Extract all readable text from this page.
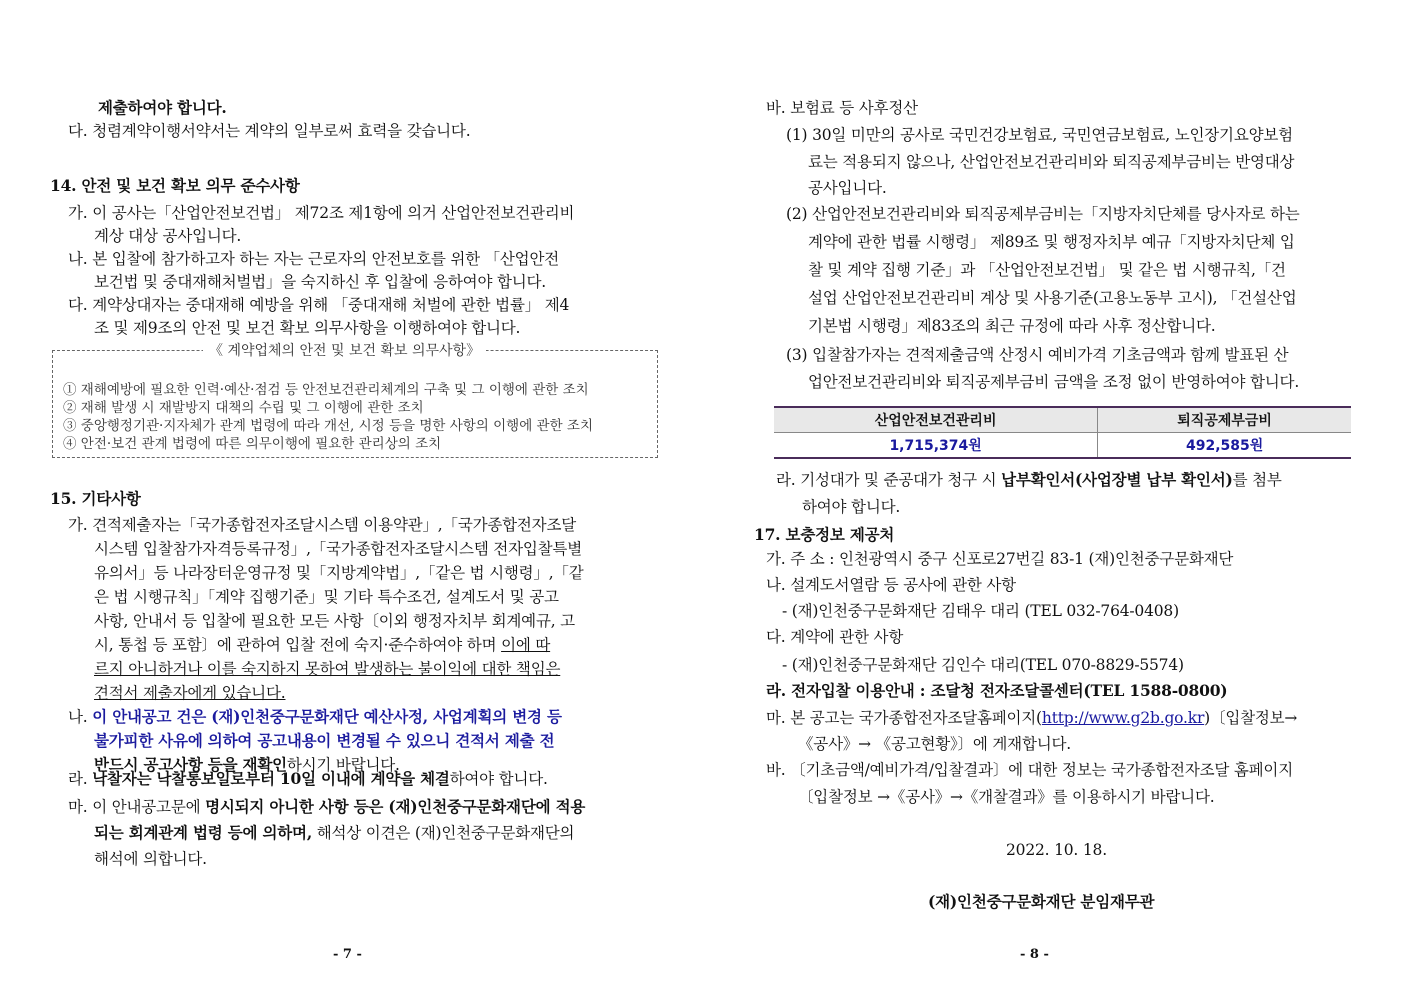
제출하여야 합니다.
다. 청렴계약이행서약서는 계약의 일부로써 효력을 갖습니다.
14. 안전 및 보건 확보 의무 준수사항
가. 이 공사는「산업안전보건법」 제72조 제1항에 의거 산업안전보건관리비
계상 대상 공사입니다.
나. 본 입찰에 참가하고자 하는 자는 근로자의 안전보호를 위한 「산업안전
보건법 및 중대재해처벌법」을 숙지하신 후 입찰에 응하여야 합니다.
다. 계약상대자는 중대재해 예방을 위해 「중대재해 처벌에 관한 법률」 제4
조 및 제9조의 안전 및 보건 확보 의무사항을 이행하여야 합니다.
《 계약업체의 안전 및 보건 확보 의무사항》
① 재해예방에 필요한 인력·예산·점검 등 안전보건관리체계의 구축 및 그 이행에 관한 조치
② 재해 발생 시 재발방지 대책의 수립 및 그 이행에 관한 조치
③ 중앙행정기관·지자체가 관계 법령에 따라 개선, 시정 등을 명한 사항의 이행에 관한 조치
④ 안전·보건 관계 법령에 따른 의무이행에 필요한 관리상의 조치
15. 기타사항
가. 견적제출자는「국가종합전자조달시스템 이용약관」,「국가종합전자조달
시스템 입찰참가자격등록규정」,「국가종합전자조달시스템 전자입찰특별
유의서」등 나라장터운영규정 및「지방계약법」,「같은 법 시행령」,「같
은 법 시행규칙」「계약 집행기준」및 기타 특수조건, 설계도서 및 공고
사항, 안내서 등 입찰에 필요한 모든 사항〔이외 행정자치부 회계예규, 고
시, 통첩 등 포함〕에 관하여 입찰 전에 숙지·준수하여야 하며 이에 따
르지 아니하거나 이를 숙지하지 못하여 발생하는 불이익에 대한 책임은
견적서 제출자에게 있습니다.
나. 이 안내공고 건은 (재)인천중구문화재단 예산사정, 사업계획의 변경 등
불가피한 사유에 의하여 공고내용이 변경될 수 있으니 견적서 제출 전
반드시 공고사항 등을 재확인하시기 바랍니다.
라. 낙찰자는 낙찰통보일로부터 10일 이내에 계약을 체결하여야 합니다.
마. 이 안내공고문에 명시되지 아니한 사항 등은 (재)인천중구문화재단에 적용
되는 회계관계 법령 등에 의하며, 해석상 이견은 (재)인천중구문화재단의
해석에 의합니다.
- 7 -
바. 보험료 등 사후정산
(1) 30일 미만의 공사로 국민건강보험료, 국민연금보험료, 노인장기요양보험
료는 적용되지 않으나, 산업안전보건관리비와 퇴직공제부금비는 반영대상
공사입니다.
(2) 산업안전보건관리비와 퇴직공제부금비는「지방자치단체를 당사자로 하는
계약에 관한 법률 시행령」 제89조 및 행정자치부 예규「지방자치단체 입
찰 및 계약 집행 기준」과 「산업안전보건법」 및 같은 법 시행규칙,「건
설업 산업안전보건관리비 계상 및 사용기준(고용노동부 고시), 「건설산업
기본법 시행령」제83조의 최근 규정에 따라 사후 정산합니다.
(3) 입찰참가자는 견적제출금액 산정시 예비가격 기초금액과 함께 발표된 산
업안전보건관리비와 퇴직공제부금비 금액을 조정 없이 반영하여야 합니다.
산업안전보건관리비	퇴직공제부금비
1,715,374원	492,585원
라. 기성대가 및 준공대가 청구 시 납부확인서(사업장별 납부 확인서)를 첨부
하여야 합니다.
17. 보충정보 제공처
가. 주 소 : 인천광역시 중구 신포로27번길 83-1 (재)인천중구문화재단
나. 설계도서열람 등 공사에 관한 사항
- (재)인천중구문화재단 김태우 대리 (TEL 032-764-0408)
다. 계약에 관한 사항
- (재)인천중구문화재단 김인수 대리(TEL 070-8829-5574)
라. 전자입찰 이용안내 : 조달청 전자조달콜센터(TEL 1588-0800)
마. 본 공고는 국가종합전자조달홈페이지(http://www.g2b.go.kr)〔입찰정보→
《공사》→ 《공고현황》〕에 게재합니다.
바. 〔기초금액/예비가격/입찰결과〕에 대한 정보는 국가종합전자조달 홈페이지
〔입찰정보 →《공사》→《개찰결과》를 이용하시기 바랍니다.
2022. 10. 18.
(재)인천중구문화재단 분임재무관
- 8 -
